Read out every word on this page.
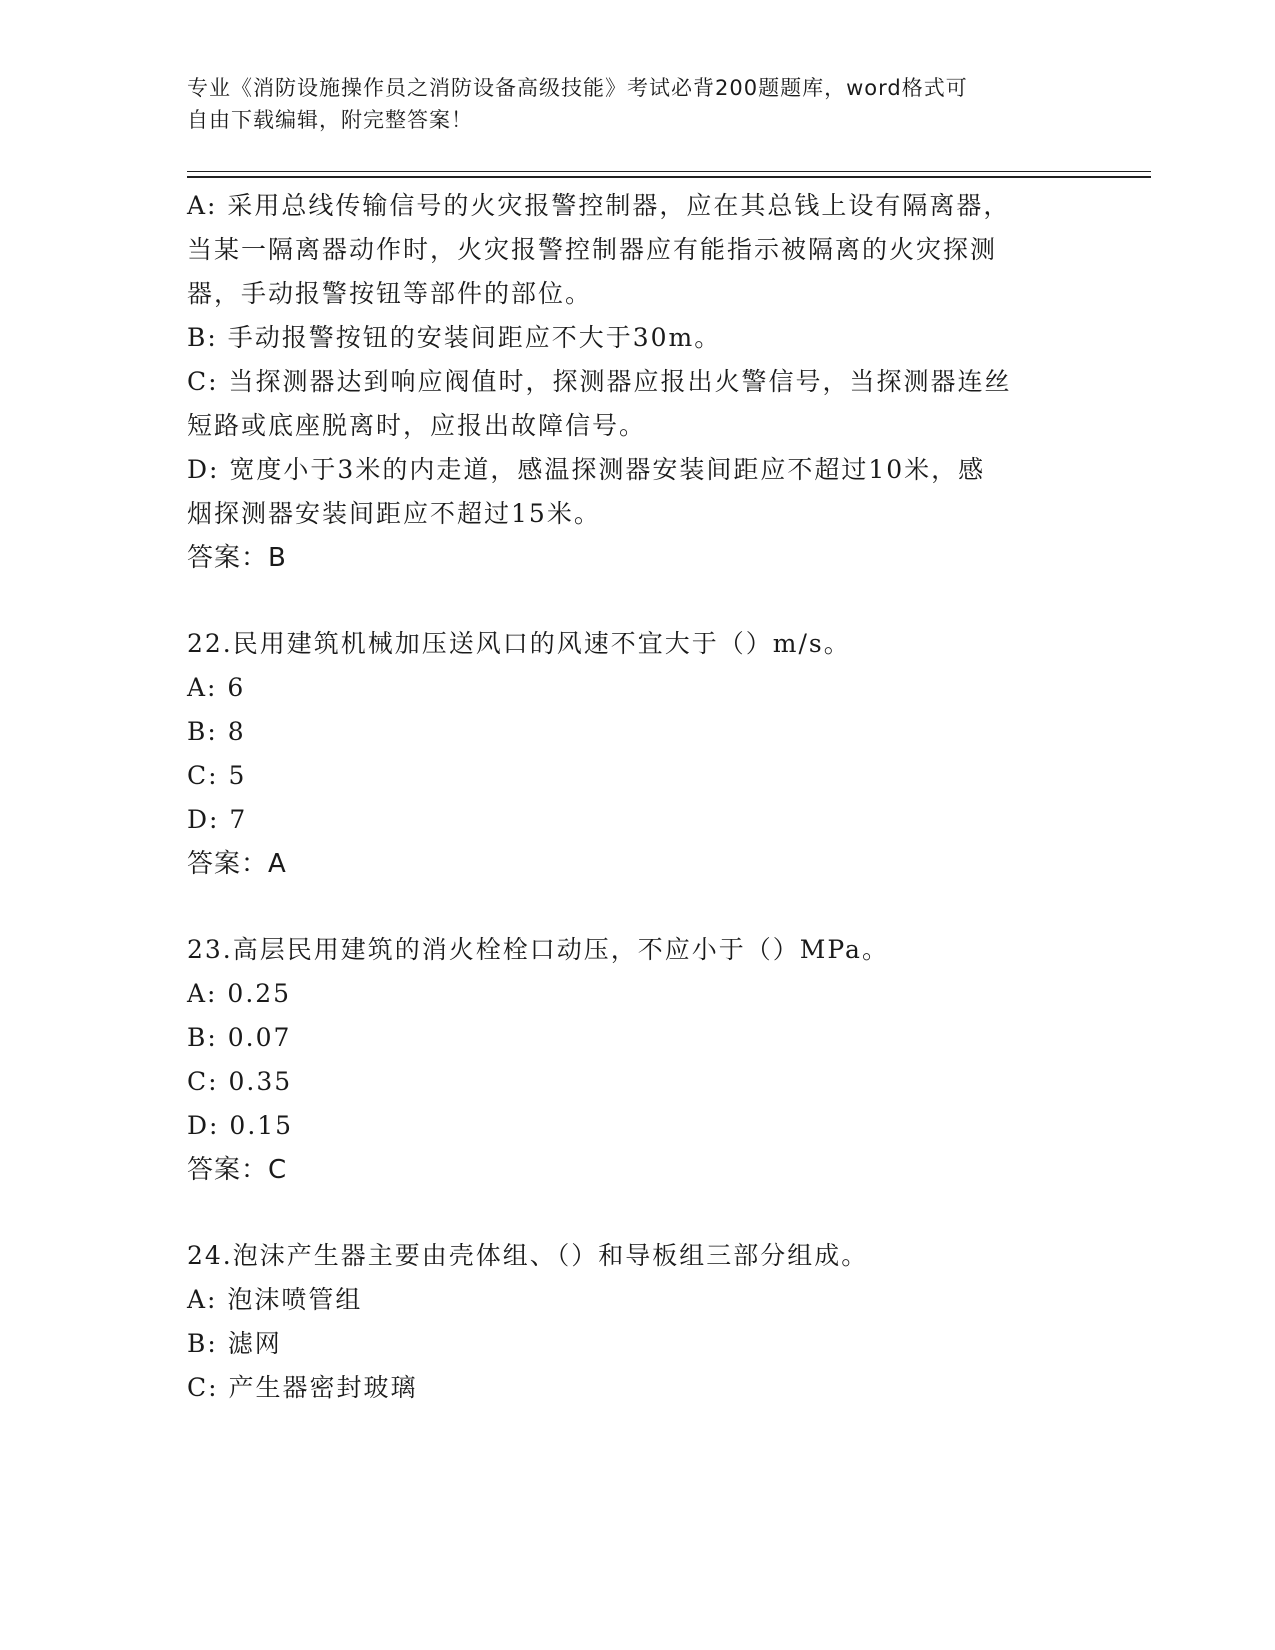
专业《消防设施操作员之消防设备高级技能》考试必背200题题库，word格式可
自由下载编辑，附完整答案！
A: 采用总线传输信号的火灾报警控制器，应在其总钱上设有隔离器，
当某一隔离器动作时，火灾报警控制器应有能指示被隔离的火灾探测
器，手动报警按钮等部件的部位。
B: 手动报警按钮的安装间距应不大于30m。
C: 当探测器达到响应阀值时，探测器应报出火警信号，当探测器连丝
短路或底座脱离时，应报出故障信号。
D: 宽度小于3米的内走道，感温探测器安装间距应不超过10米，感
烟探测器安装间距应不超过15米。
答案：B
22.民用建筑机械加压送风口的风速不宜大于（）m/s。
A: 6
B: 8
C: 5
D: 7
答案：A
23.高层民用建筑的消火栓栓口动压，不应小于（）MPa。
A: 0.25
B: 0.07
C: 0.35
D: 0.15
答案：C
24.泡沫产生器主要由壳体组、（）和导板组三部分组成。
A: 泡沫喷管组
B: 滤网
C: 产生器密封玻璃
